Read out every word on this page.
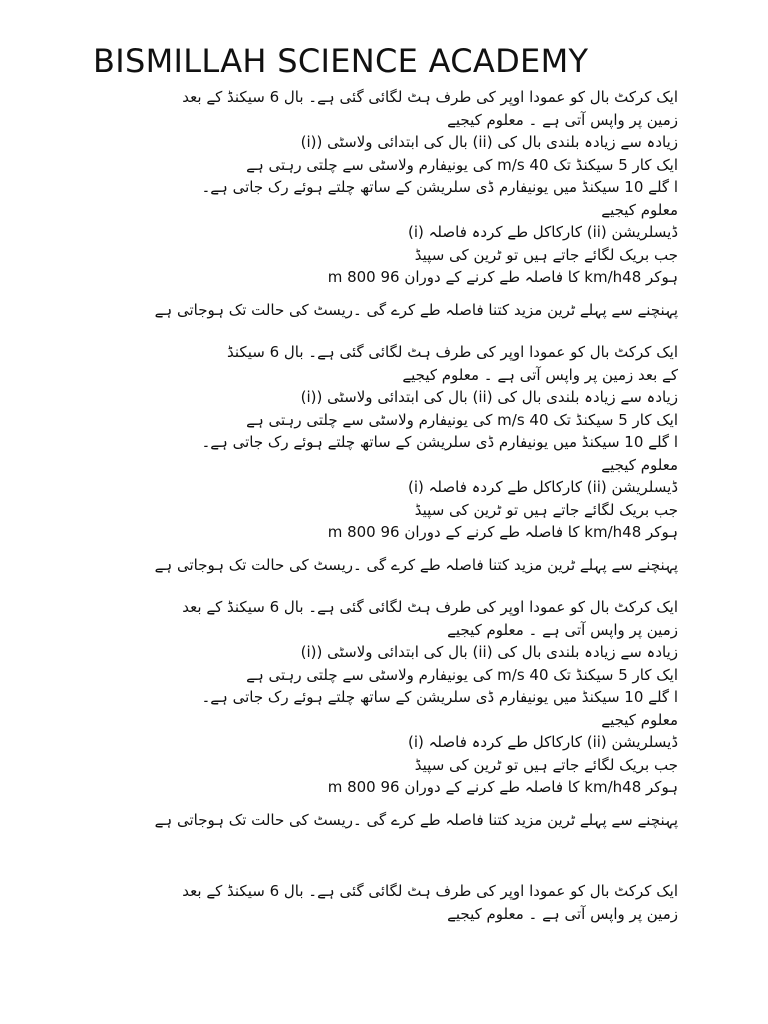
BISMILLAH SCIENCE ACADEMY
ایک کرکٹ بال کو عمودا اوپر کی طرف ہٹ لگائی گئی ہے۔ بال 6 سیکنڈ کے بعد
زمین پر واپس آتی ہے ۔ معلوم کیجیے
(i)) بال کی ابتدائی ولاسٹی (ii) زیادہ سے زیادہ بلندی بال کی
ایک کار 5 سیکنڈ تک m/s 40 کی یونیفارم ولاسٹی سے چلتی رہتی ہے
ا گلے 10 سیکنڈ میں یونیفارم ڈی سلریشن کے ساتھ چلتے ہوئے رک جاتی ہے۔
معلوم کیجیے
(i) کارکاکل طے کردہ فاصلہ (ii) ڈیسلریشن
جب بریک لگائے جاتے ہیں تو ٹرین کی سپیڈ
m 800 کا فاصلہ طے کرنے کے دوران 96 km/hہوکر 48
پہنچنے سے پہلے ٹرین مزید کتنا فاصلہ طے کرے گی ۔ریسٹ کی حالت تک ہوجاتی ہے
ایک کرکٹ بال کو عمودا اوپر کی طرف ہٹ لگائی گئی ہے۔ بال 6 سیکنڈ
کے بعد زمین پر واپس آتی ہے ۔ معلوم کیجیے
(i)) بال کی ابتدائی ولاسٹی (ii) زیادہ سے زیادہ بلندی بال کی
ایک کار 5 سیکنڈ تک m/s 40 کی یونیفارم ولاسٹی سے چلتی رہتی ہے
ا گلے 10 سیکنڈ میں یونیفارم ڈی سلریشن کے ساتھ چلتے ہوئے رک جاتی ہے۔
معلوم کیجیے
(i) کارکاکل طے کردہ فاصلہ (ii) ڈیسلریشن
جب بریک لگائے جاتے ہیں تو ٹرین کی سپیڈ
m 800 کا فاصلہ طے کرنے کے دوران 96 km/hہوکر 48
پہنچنے سے پہلے ٹرین مزید کتنا فاصلہ طے کرے گی ۔ریسٹ کی حالت تک ہوجاتی ہے
ایک کرکٹ بال کو عمودا اوپر کی طرف ہٹ لگائی گئی ہے۔ بال 6 سیکنڈ کے بعد
زمین پر واپس آتی ہے ۔ معلوم کیجیے
(i)) بال کی ابتدائی ولاسٹی (ii) زیادہ سے زیادہ بلندی بال کی
ایک کار 5 سیکنڈ تک m/s 40 کی یونیفارم ولاسٹی سے چلتی رہتی ہے
ا گلے 10 سیکنڈ میں یونیفارم ڈی سلریشن کے ساتھ چلتے ہوئے رک جاتی ہے۔
معلوم کیجیے
(i) کارکاکل طے کردہ فاصلہ (ii) ڈیسلریشن
جب بریک لگائے جاتے ہیں تو ٹرین کی سپیڈ
m 800 کا فاصلہ طے کرنے کے دوران 96 km/hہوکر 48
پہنچنے سے پہلے ٹرین مزید کتنا فاصلہ طے کرے گی ۔ریسٹ کی حالت تک ہوجاتی ہے
ایک کرکٹ بال کو عمودا اوپر کی طرف ہٹ لگائی گئی ہے۔ بال 6 سیکنڈ کے بعد
زمین پر واپس آتی ہے ۔ معلوم کیجیے
